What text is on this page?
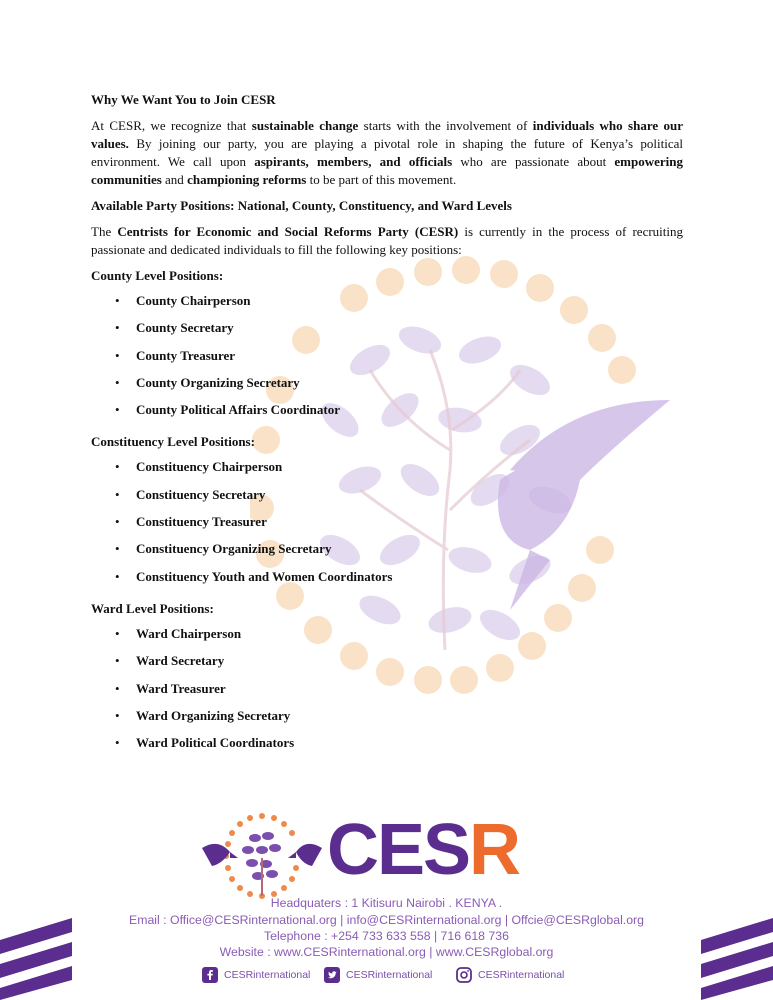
Why We Want You to Join CESR

At CESR, we recognize that sustainable change starts with the involvement of individuals who share our values. By joining our party, you are playing a pivotal role in shaping the future of Kenya’s political environment. We call upon aspirants, members, and officials who are passionate about empowering communities and championing reforms to be part of this movement.

Available Party Positions: National, County, Constituency, and Ward Levels

The Centrists for Economic and Social Reforms Party (CESR) is currently in the process of recruiting passionate and dedicated individuals to fill the following key positions:

County Level Positions:
• County Chairperson
• County Secretary
• County Treasurer
• County Organizing Secretary
• County Political Affairs Coordinator
Constituency Level Positions:
• Constituency Chairperson
• Constituency Secretary
• Constituency Treasurer
• Constituency Organizing Secretary
• Constituency Youth and Women Coordinators
Ward Level Positions:
• Ward Chairperson
• Ward Secretary
• Ward Treasurer
• Ward Organizing Secretary
• Ward Political Coordinators
CESR
Headquaters : 1 Kitisuru Nairobi . KENYA .
Email : Office@CESRinternational.org | info@CESRinternational.org | Offcie@CESRglobal.org
Telephone : +254 733 633 558 | 716 618 736
Website : www.CESRinternational.org | www.CESRglobal.org
CESRinternational	CESRinternational	CESRinternational
